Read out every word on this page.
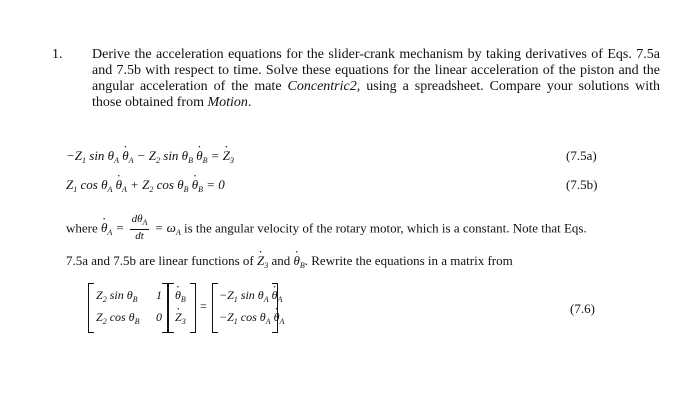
1. Derive the acceleration equations for the slider-crank mechanism by taking derivatives of Eqs. 7.5a and 7.5b with respect to time. Solve these equations for the linear acceleration of the piston and the angular acceleration of the mate Concentric2, using a spreadsheet. Compare your solutions with those obtained from Motion.
$-Z_1$ $\sin \theta_A \cdot \theta_A - Z_2$ $\sin \theta_B \cdot \theta_B$ = · $Z_3$	(7.5a)
$Z_1$ $\cos \theta_A \cdot \theta_A + Z_2$ $\cos \theta_B \cdot \theta_B = 0$	(7.5b)
where · $\theta_A = \frac{d\theta_A}{dt} = \omega_A$ is the angular velocity of the rotary motor, which is a constant. Note that Eqs.
7.5a and 7.5b are linear functions of · $Z_3$ and · $\theta_B$. Rewrite the equations in a matrix from
$Z_2$ $\sin \theta_B$ 1
$Z_2$ $\cos \theta_B$ 0
· $\theta_B$
· $Z_3$
=
$-Z_1$ $\sin \theta_A \cdot \theta_A$
$-Z_1$ $\cos \theta_A \cdot \theta_A$
(7.6)
